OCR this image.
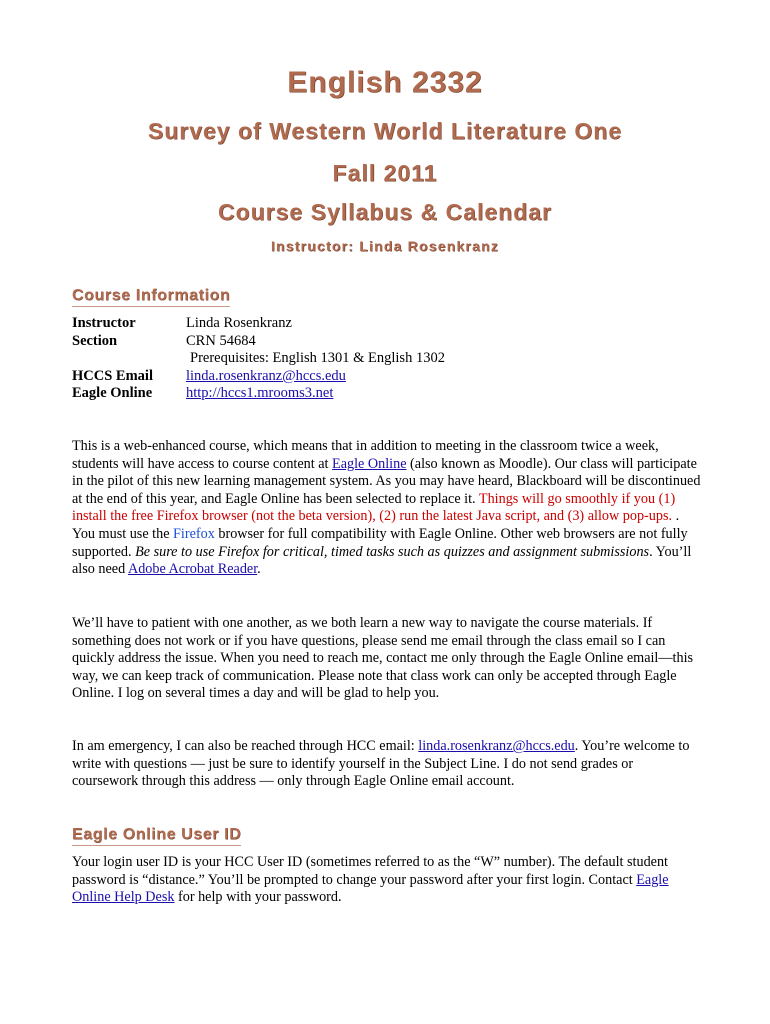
English 2332
Survey of Western World Literature One
Fall 2011
Course Syllabus & Calendar
Instructor: Linda Rosenkranz
Course Information
Instructor	Linda Rosenkranz
Section	CRN 54684
Prerequisites: English 1301 & English 1302
HCCS Email	linda.rosenkranz@hccs.edu
Eagle Online	http://hccs1.mrooms3.net

This is a web-enhanced course, which means that in addition to meeting in the classroom twice a week, students will have access to course content at Eagle Online (also known as Moodle). Our class will participate in the pilot of this new learning management system. As you may have heard, Blackboard will be discontinued at the end of this year, and Eagle Online has been selected to replace it. Things will go smoothly if you (1) install the free Firefox browser (not the beta version), (2) run the latest Java script, and (3) allow pop-ups. . You must use the Firefox browser for full compatibility with Eagle Online. Other web browsers are not fully supported. Be sure to use Firefox for critical, timed tasks such as quizzes and assignment submissions. You’ll also need Adobe Acrobat Reader.

We’ll have to patient with one another, as we both learn a new way to navigate the course materials. If something does not work or if you have questions, please send me email through the class email so I can quickly address the issue. When you need to reach me, contact me only through the Eagle Online email—this way, we can keep track of communication. Please note that class work can only be accepted through Eagle Online. I log on several times a day and will be glad to help you.

In am emergency, I can also be reached through HCC email: linda.rosenkranz@hccs.edu. You’re welcome to write with questions — just be sure to identify yourself in the Subject Line. I do not send grades or coursework through this address — only through Eagle Online email account.

Eagle Online User ID

Your login user ID is your HCC User ID (sometimes referred to as the “W” number). The default student password is “distance.” You’ll be prompted to change your password after your first login. Contact Eagle Online Help Desk for help with your password.
